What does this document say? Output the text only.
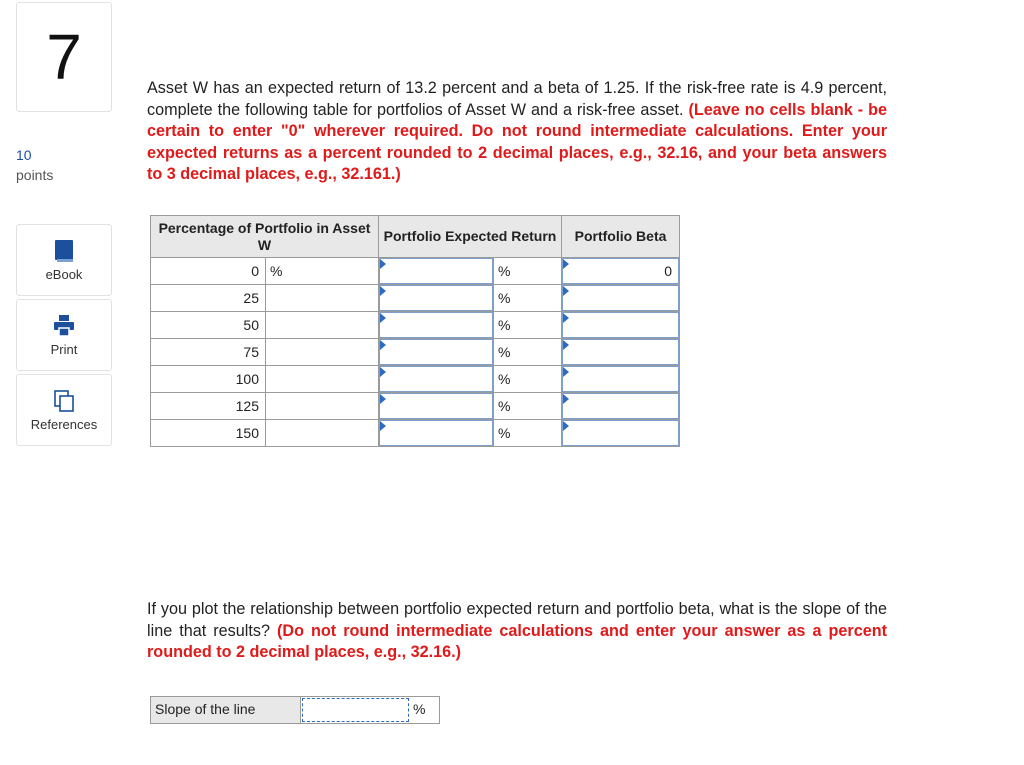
7
10
points
eBook
Print
References
Asset W has an expected return of 13.2 percent and a beta of 1.25. If the risk-free rate is 4.9 percent, complete the following table for portfolios of Asset W and a risk-free asset. (Leave no cells blank - be certain to enter "0" wherever required. Do not round intermediate calculations. Enter your expected returns as a percent rounded to 2 decimal places, e.g., 32.16, and your beta answers to 3 decimal places, e.g., 32.161.)
Percentage of Portfolio in Asset W		Portfolio Expected Return		Portfolio Beta
0	%		%	0

25			%	

50			%	

75			%	

100			%	

125			%	

150			%	
If you plot the relationship between portfolio expected return and portfolio beta, what is the slope of the line that results? (Do not round intermediate calculations and enter your answer as a percent rounded to 2 decimal places, e.g., 32.16.)
Slope of the line	%
